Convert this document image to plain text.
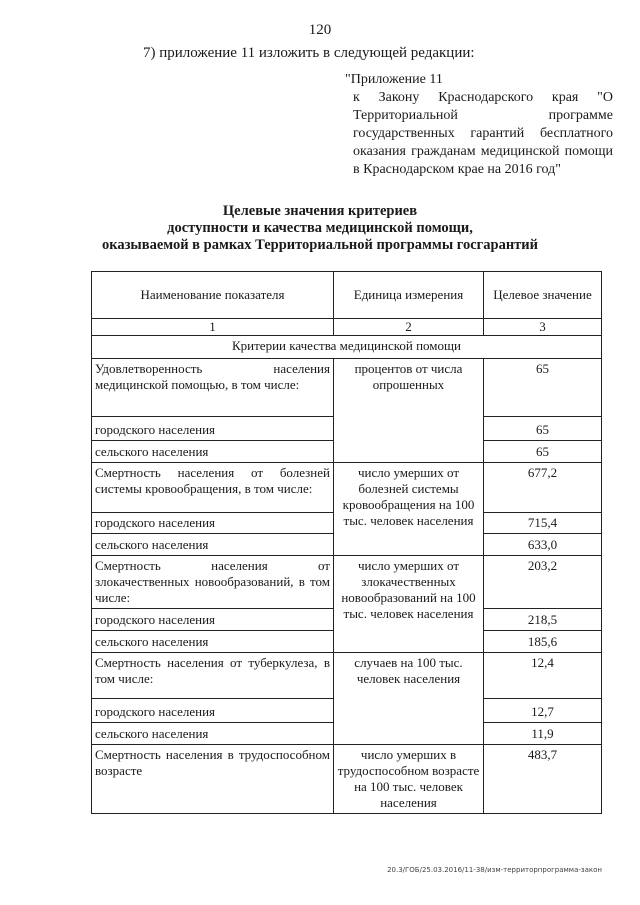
120
7) приложение 11 изложить в следующей редакции:
"Приложение 11
к Закону Краснодарского края "О Территориальной программе государственных гарантий бесплатного оказания гражданам медицинской помощи в Краснодарском крае на 2016 год"
Целевые значения критериев
доступности и качества медицинской помощи,
оказываемой в рамках Территориальной программы госгарантий
Наименование показателя	Единица измерения	Целевое значение
1	2	3
Критерии качества медицинской помощи		
Удовлетворенность населения медицинской помощью, в том числе:	процентов от числа опрошенных	65
городского населения		65
сельского населения		65
Смертность населения от болезней системы кровообращения, в том числе:	число умерших от болезней системы кровообращения на 100 тыс. человек населения	677,2
городского населения		715,4
сельского населения		633,0
Смертность населения от злокачественных новообразований, в том числе:	число умерших от злокачественных новообразований на 100 тыс. человек населения	203,2
городского населения		218,5
сельского населения		185,6
Смертность населения от туберкулеза, в том числе:	случаев на 100 тыс. человек населения	12,4
городского населения		12,7
сельского населения		11,9
Смертность населения в трудоспособном возрасте	число умерших в трудоспособном возрасте на 100 тыс. человек населения	483,7
20.3/ГОБ/25.03.2016/11-38/изм-территорпрограмма-закон
